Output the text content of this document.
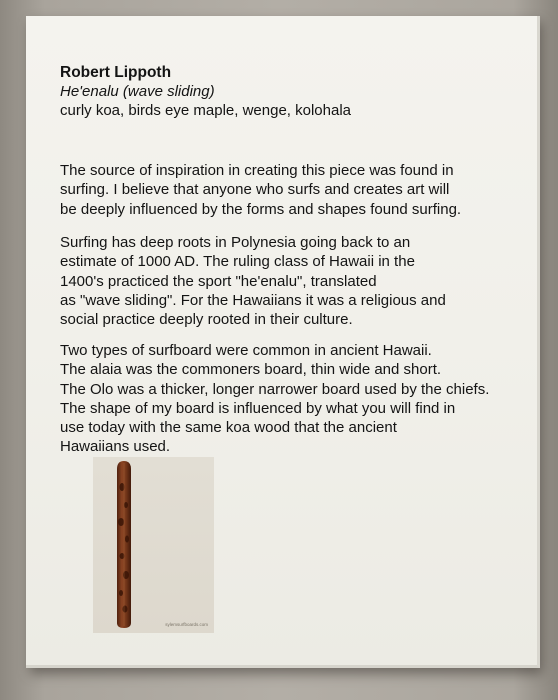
Robert Lippoth
He'enalu (wave sliding)
curly koa, birds eye maple, wenge, kolohala
The source of inspiration in creating this piece was found in
surfing. I believe that anyone who surfs and creates art will
be deeply influenced by the forms and shapes found surfing.
Surfing has deep roots in Polynesia going back to an
estimate of 1000 AD. The ruling class of Hawaii in the
1400's practiced the sport "he'enalu", translated
as "wave sliding". For the Hawaiians it was a religious and
social practice deeply rooted in their culture.
Two types of surfboard were common in ancient Hawaii.
The alaia was the commoners board, thin wide and short.
The Olo was a thicker, longer narrower board used by the chiefs.
The shape of my board is influenced by what you will find in
use today with the same koa wood that the ancient
Hawaiians used.
sylemsurfboards.com
